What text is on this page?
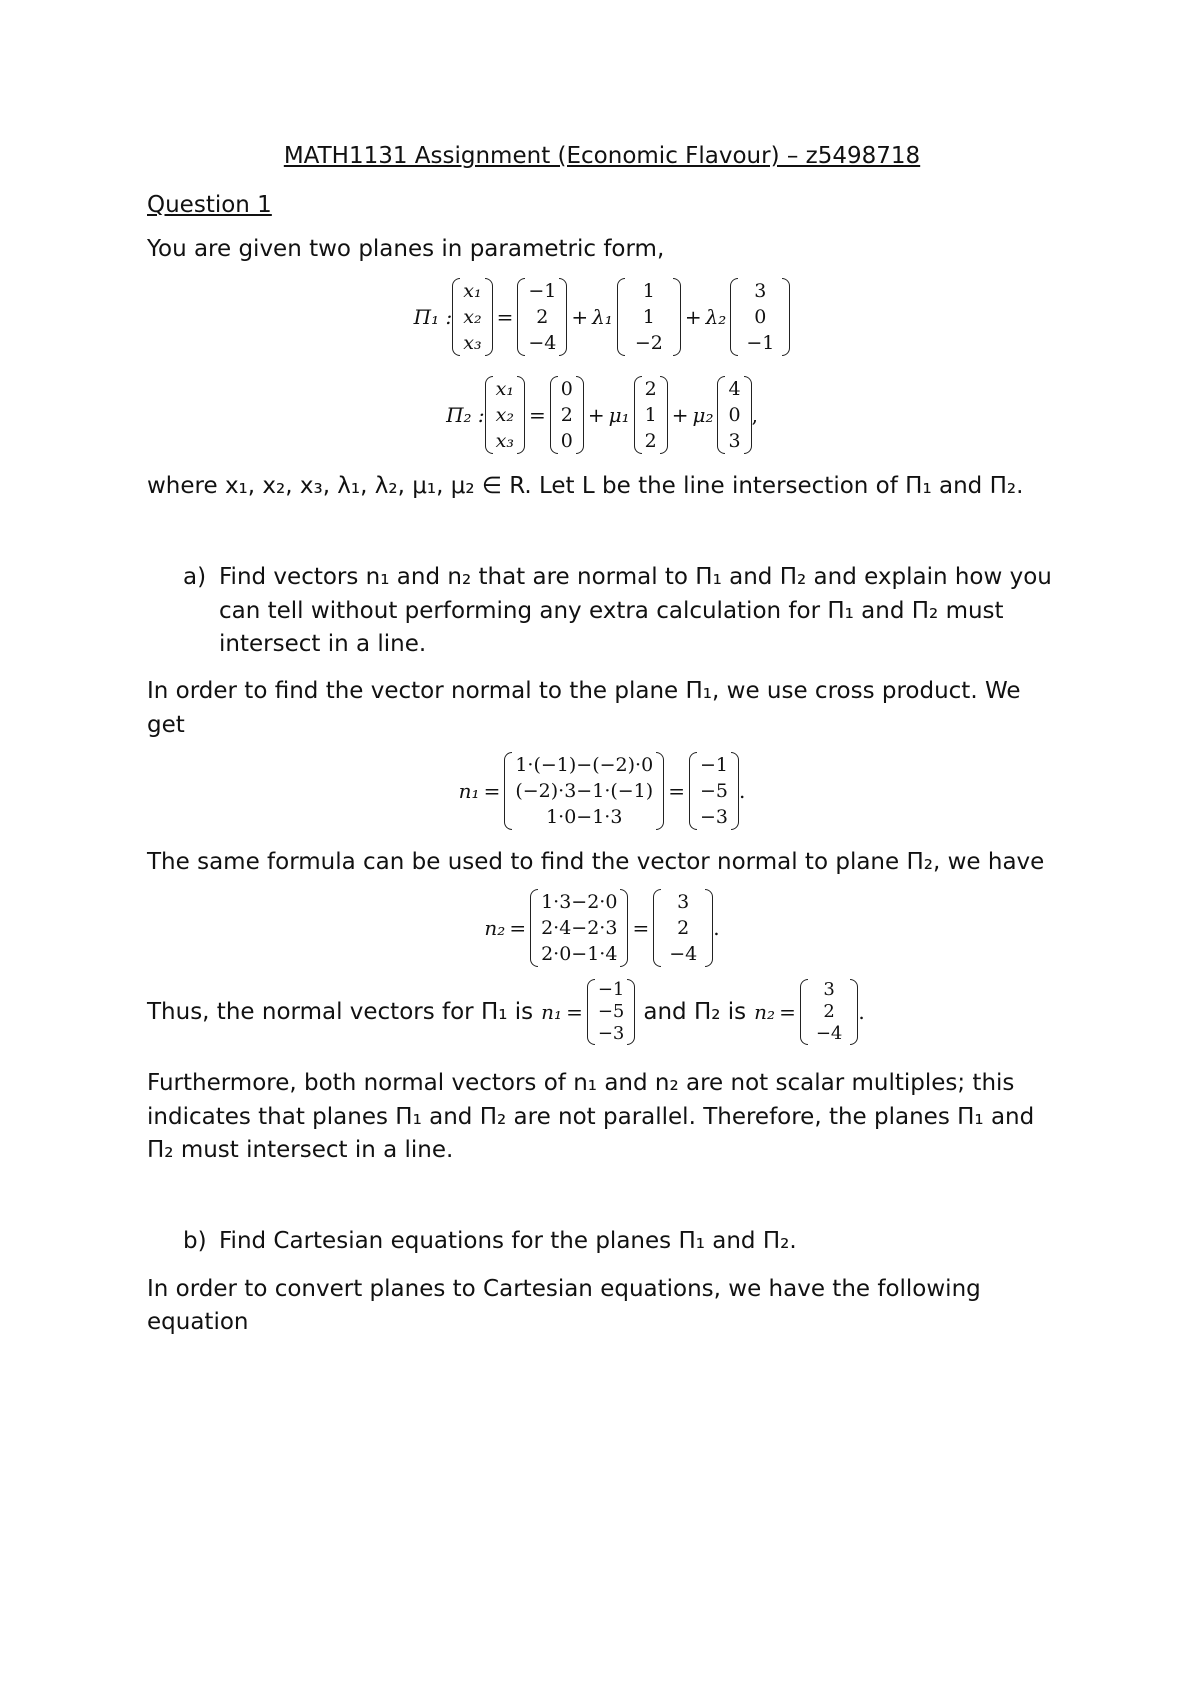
MATH1131 Assignment (Economic Flavour) – z5498718

Question 1

You are given two planes in parametric form,

Π₁ :
x₁
x₂
x₃
=
−1
2
−4
+ λ₁
1
1
−2
+ λ₂
3
0
−1
Π₂ :
x₁
x₂
x₃
=
0
2
0
+ μ₁
2
1
2
+ μ₂
4
0
3
,

where x₁, x₂, x₃, λ₁, λ₂, μ₁, μ₂ ∈ R. Let L be the line intersection of Π₁ and Π₂.

a) Find vectors n₁ and n₂ that are normal to Π₁ and Π₂ and explain how you can tell without performing any extra calculation for Π₁ and Π₂ must intersect in a line.

In order to find the vector normal to the plane Π₁, we use cross product. We get

n₁ =
1·(−1)−(−2)·0
(−2)·3−1·(−1)
1·0−1·3
=
−1
−5
−3
.

The same formula can be used to find the vector normal to plane Π₂, we have

n₂ =
1·3−2·0
2·4−2·3
2·0−1·4
=
3
2
−4
.
Thus, the normal vectors for Π₁ is n₁ =
−1
−5
−3
and Π₂ is n₂ =
3
2
−4
.

Furthermore, both normal vectors of n₁ and n₂ are not scalar multiples; this indicates that planes Π₁ and Π₂ are not parallel. Therefore, the planes Π₁ and Π₂ must intersect in a line.

b) Find Cartesian equations for the planes Π₁ and Π₂.

In order to convert planes to Cartesian equations, we have the following equation
